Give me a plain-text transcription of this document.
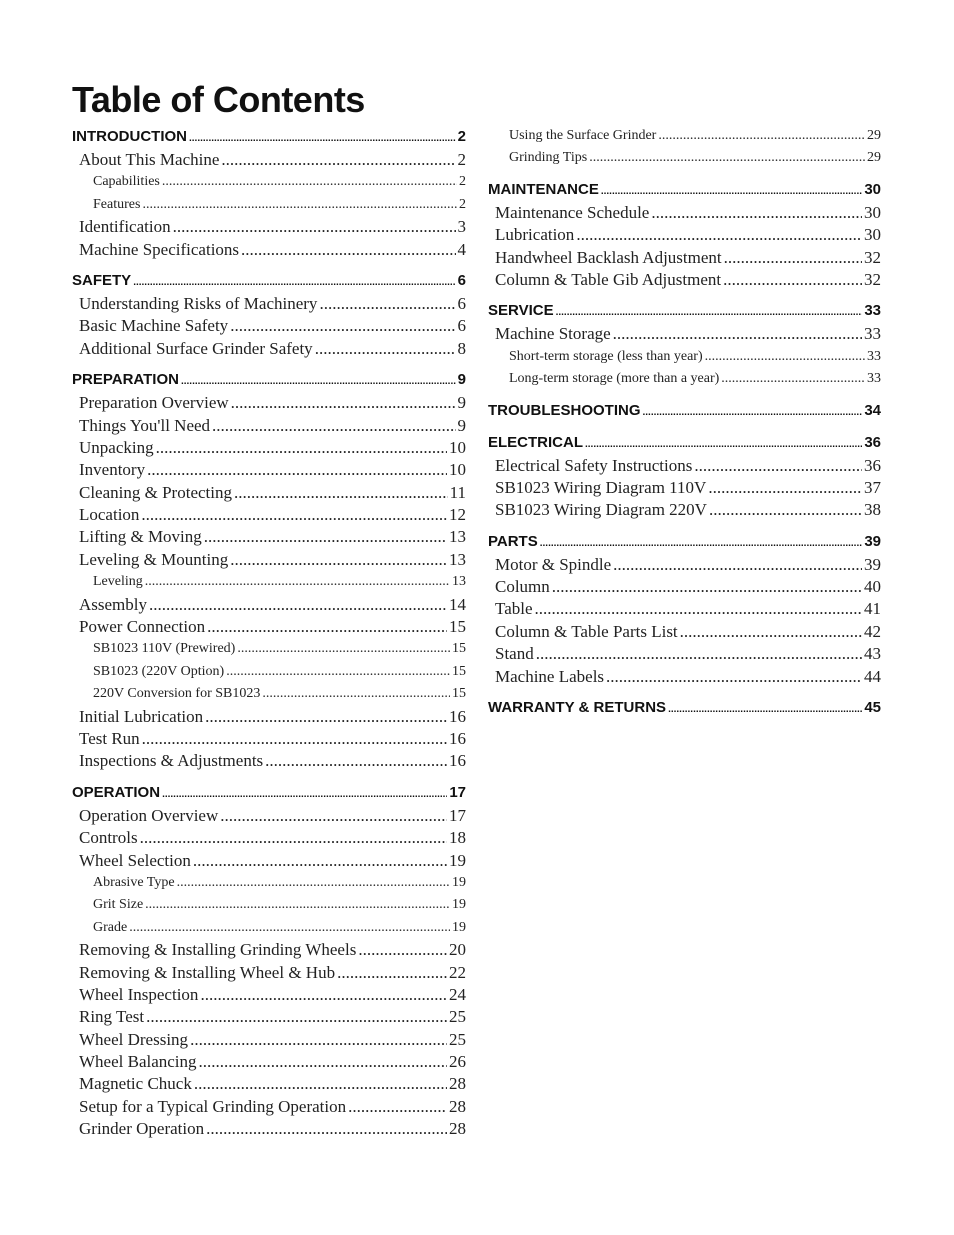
Table of Contents
INTRODUCTION .....	2
About This Machine .....	2
Capabilities .....	2
Features .....	2
Identification .....	3
Machine Specifications .....	4
SAFETY .....	6
Understanding Risks of Machinery .....	6
Basic Machine Safety .....	6
Additional Surface Grinder Safety .....	8
PREPARATION .....	9
Preparation Overview .....	9
Things You'll Need .....	9
Unpacking .....	10
Inventory .....	10
Cleaning & Protecting .....	11
Location .....	12
Lifting & Moving .....	13
Leveling & Mounting .....	13
Leveling .....	13
Assembly .....	14
Power Connection .....	15
SB1023 110V (Prewired) .....	15
SB1023 (220V Option) .....	15
220V Conversion for SB1023 .....	15
Initial Lubrication .....	16
Test Run .....	16
Inspections & Adjustments .....	16
OPERATION .....	17
Operation Overview .....	17
Controls .....	18
Wheel Selection .....	19
Abrasive Type .....	19
Grit Size .....	19
Grade .....	19
Removing & Installing Grinding Wheels .....	20
Removing & Installing Wheel & Hub .....	22
Wheel Inspection .....	24
Ring Test .....	25
Wheel Dressing .....	25
Wheel Balancing .....	26
Magnetic Chuck .....	28
Setup for a Typical Grinding Operation .....	28
Grinder Operation .....	28
Using the Surface Grinder .....	29
Grinding Tips .....	29
MAINTENANCE .....	30
Maintenance Schedule .....	30
Lubrication .....	30
Handwheel Backlash Adjustment .....	32
Column & Table Gib Adjustment .....	32
SERVICE .....	33
Machine Storage .....	33
Short-term storage (less than year) .....	33
Long-term storage (more than a year) .....	33
TROUBLESHOOTING .....	34
ELECTRICAL .....	36
Electrical Safety Instructions .....	36
SB1023 Wiring Diagram 110V .....	37
SB1023 Wiring Diagram 220V .....	38
PARTS .....	39
Motor & Spindle .....	39
Column .....	40
Table .....	41
Column & Table Parts List .....	42
Stand .....	43
Machine Labels .....	44
WARRANTY & RETURNS .....	45
